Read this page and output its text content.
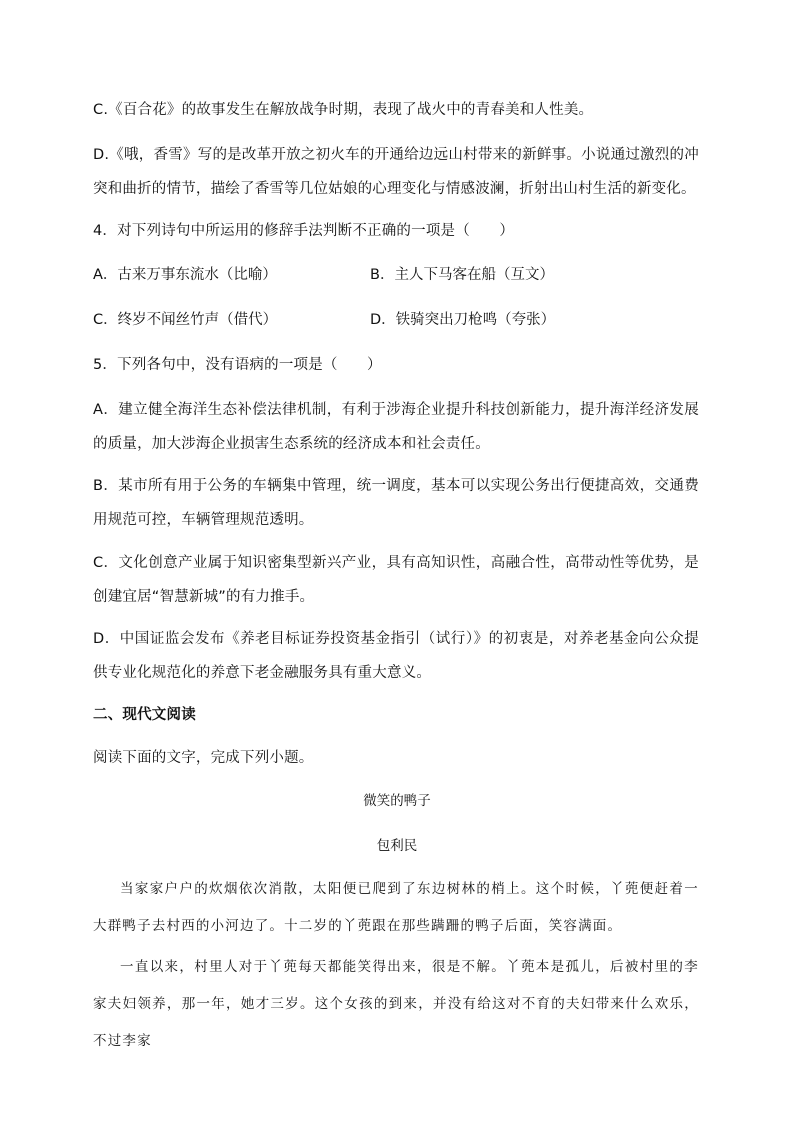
C.《百合花》的故事发生在解放战争时期，表现了战火中的青春美和人性美。
D.《哦，香雪》写的是改革开放之初火车的开通给边远山村带来的新鲜事。小说通过激烈的冲突和曲折的情节，描绘了香雪等几位姑娘的心理变化与情感波澜，折射出山村生活的新变化。
4．对下列诗句中所运用的修辞手法判断不正确的一项是（　　）
A．古来万事东流水（比喻）	B．主人下马客在船（互文）
C．终岁不闻丝竹声（借代）	D．铁骑突出刀枪鸣（夸张）
5．下列各句中，没有语病的一项是（　　）
A．建立健全海洋生态补偿法律机制，有利于涉海企业提升科技创新能力，提升海洋经济发展的质量，加大涉海企业损害生态系统的经济成本和社会责任。
B．某市所有用于公务的车辆集中管理，统一调度，基本可以实现公务出行便捷高效，交通费用规范可控，车辆管理规范透明。
C．文化创意产业属于知识密集型新兴产业，具有高知识性，高融合性，高带动性等优势，是创建宜居“智慧新城”的有力推手。
D．中国证监会发布《养老目标证券投资基金指引（试行）》的初衷是，对养老基金向公众提供专业化规范化的养意下老金融服务具有重大意义。
二、现代文阅读
阅读下面的文字，完成下列小题。
微笑的鸭子
包利民
当家家户户的炊烟依次消散，太阳便已爬到了东边树林的梢上。这个时候，丫蔸便赶着一大群鸭子去村西的小河边了。十二岁的丫蔸跟在那些蹒跚的鸭子后面，笑容满面。
一直以来，村里人对于丫蔸每天都能笑得出来，很是不解。丫蔸本是孤儿，后被村里的李家夫妇领养，那一年，她才三岁。这个女孩的到来，并没有给这对不育的夫妇带来什么欢乐，不过李家
